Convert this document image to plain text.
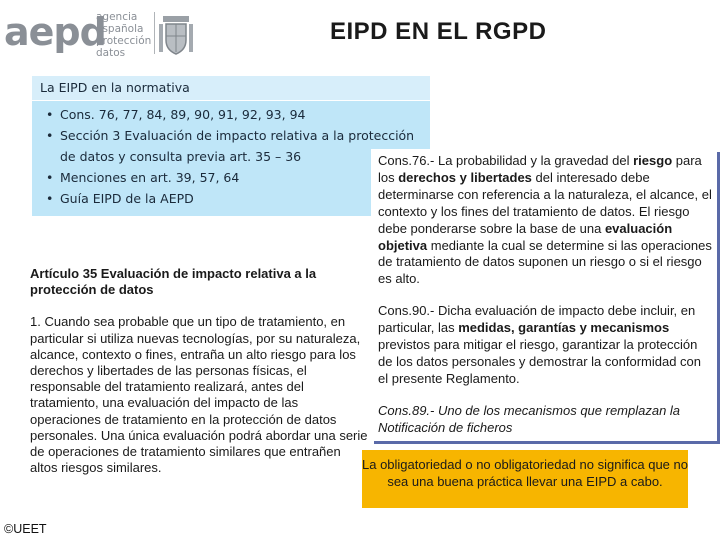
aepd
agencia
española
protección
datos
EIPD EN EL RGPD
La EIPD en la normativa
• Cons. 76, 77, 84, 89, 90, 91, 92, 93, 94
• Sección 3 Evaluación de impacto relativa a la protección de datos y consulta previa art. 35 – 36
• Menciones en art. 39, 57, 64
• Guía EIPD de la AEPD

Artículo 35 Evaluación de impacto relativa a la protección de datos

1. Cuando sea probable que un tipo de tratamiento, en particular si utiliza nuevas tecnologías, por su naturaleza, alcance, contexto o fines, entraña un alto riesgo para los derechos y libertades de las personas físicas, el responsable del tratamiento realizará, antes del tratamiento, una evaluación del impacto de las operaciones de tratamiento en la protección de datos personales. Una única evaluación podrá abordar una serie de operaciones de tratamiento similares que entrañen altos riesgos similares.

Cons.76.- La probabilidad y la gravedad del riesgo para los derechos y libertades del interesado debe determinarse con referencia a la naturaleza, el alcance, el contexto y los fines del tratamiento de datos. El riesgo debe ponderarse sobre la base de una evaluación objetiva mediante la cual se determine si las operaciones de tratamiento de datos suponen un riesgo o si el riesgo es alto.

Cons.90.- Dicha evaluación de impacto debe incluir, en particular, las medidas, garantías y mecanismos previstos para mitigar el riesgo, garantizar la protección de los datos personales y demostrar la conformidad con el presente Reglamento.

Cons.89.- Uno de los mecanismos que remplazan la Notificación de ficheros

La obligatoriedad o no obligatoriedad no significa que no sea una buena práctica llevar una EIPD a cabo.
©UEET
